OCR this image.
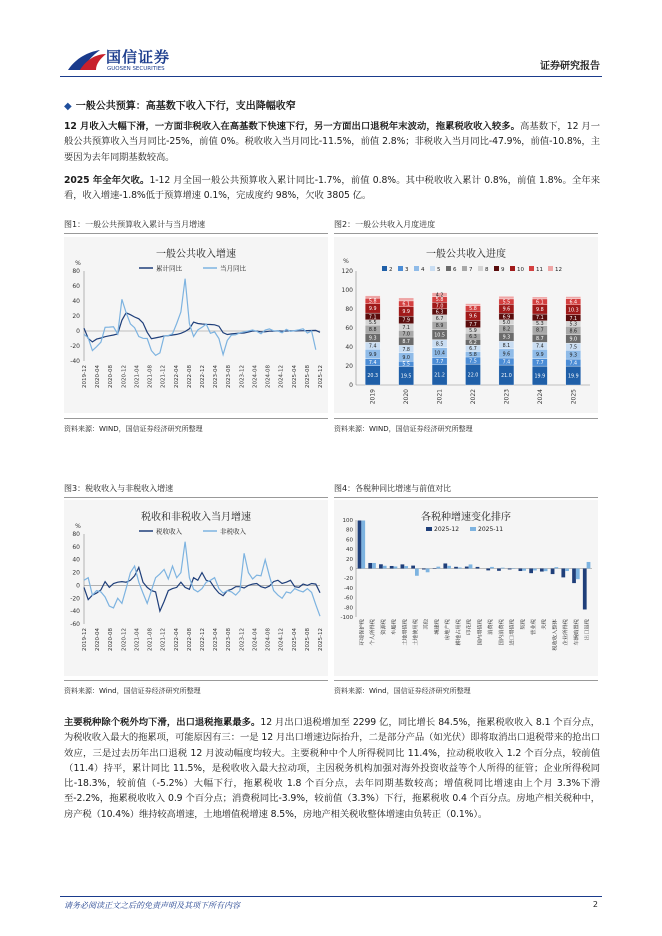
国信证券
GUOSEN SECURITIES	证券研究报告
◆ 一般公共预算：高基数下收入下行，支出降幅收窄
12 月收入大幅下滑，一方面非税收入在高基数下快速下行，另一方面出口退税年末波动，拖累税收收入较多。高基数下，12 月一般公共预算收入当月同比-25%，前值 0%。税收收入当月同比-11.5%，前值 2.8%；非税收入当月同比-47.9%，前值-10.8%，主要因为去年同期基数较高。
2025 年全年欠收。1-12 月全国一般公共预算收入累计同比-1.7%，前值 0.8%。其中税收收入累计 0.8%，前值 1.8%。全年来看，收入增速-1.8%低于预算增速 0.1%，完成度约 98%，欠收 3805 亿。
图1：一般公共预算收入累计与当月增速
一般公共收入增速
%
-40
-20
0
20
40
60
80
2019-12 2020-04 2020-08 2020-12 2021-04 2021-08 2021-12 2022-04 2022-08 2022-12 2023-04 2023-08 2023-12 2024-04 2024-08 2024-12 2025-04 2025-08 2025-12
累计同比	当月同比
资料来源：WIND，国信证券经济研究所整理
图2：一般公共收入月度进度
一般公共收入进度
%
0
20
40
60
80
100
120
20.3
7.4
9.9
7.4
9.3
8.8
5.5
7.1
9.9
5.8
2019
19.5
5.5
9.0
7.8
8.7
7.0
7.1
7.9
9.9
6.1
2020
21.2
7.7
10.4
8.5
10.5
8.9
6.7
6.3
7.0
5.8
4.2
2021
22.0
7.5
5.8
6.7
6.2
6.3
5.9
7.7
9.6
5.8
2022
21.0
7.4
9.6
8.1
9.3
8.2
5.0
6.9
9.6
5.5
2023
19.9
7.7
9.9
7.4
8.7
8.7
5.3
7.1
9.8
6.1
2024
19.9
7.4
9.3
7.5
9.0
8.6
5.3
7.1
10.3
6.4
2025
2 3 4 5 6 7 8 9 10 11 12
资料来源：WIND，国信证券经济研究所整理
图3：税收收入与非税收入增速
税收和非税收入当月增速
%
-60
-40
-20
0
20
40
60
80
2019-12 2020-04 2020-08 2020-12 2021-04 2021-08 2021-12 2022-04 2022-08 2022-12 2023-04 2023-08 2023-12 2024-04 2024-08 2024-12 2025-04 2025-08 2025-12
税收收入	非税收入
资料来源：Wind，国信证券经济研究所整理
图4：各税种同比增速与前值对比
各税种增速变化排序
100
80
60
40
20
0
-20
-40
-60
-80
-100
环境保护税 个人所得税 资源税 车船税 土地增值税 土地使用税 其他 城建税 房地产税 耕地占用税 印花税 国内增值税 消费税 国内消费税 进口增值税 契税 营业税 关税 税收收入整体 企业所得税 车辆购置税 出口退税
2025-12	2025-11
资料来源：Wind，国信证券经济研究所整理
主要税种除个税外均下滑，出口退税拖累最多。12 月出口退税增加至 2299 亿，同比增长 84.5%，拖累税收收入 8.1 个百分点，为税收收入最大的拖累项，可能原因有三：一是 12 月出口增速边际抬升，二是部分产品（如光伏）即将取消出口退税带来的抢出口效应，三是过去历年出口退税 12 月波动幅度均较大。主要税种中个人所得税同比 11.4%，拉动税收收入 1.2 个百分点，较前值（11.4）持平，累计同比 11.5%，是税收收入最大拉动项，主因税务机构加强对海外投资收益等个人所得的征管；企业所得税同比-18.3%，较前值（-5.2%）大幅下行，拖累税收 1.8 个百分点，去年同期基数较高；增值税同比增速由上个月 3.3%下滑至-2.2%，拖累税收收入 0.9 个百分点；消费税同比-3.9%，较前值（3.3%）下行，拖累税收 0.4 个百分点。房地产相关税种中，房产税（10.4%）维持较高增速，土地增值税增速 8.5%，房地产相关税收整体增速由负转正（0.1%）。
请务必阅读正文之后的免责声明及其项下所有内容	2
